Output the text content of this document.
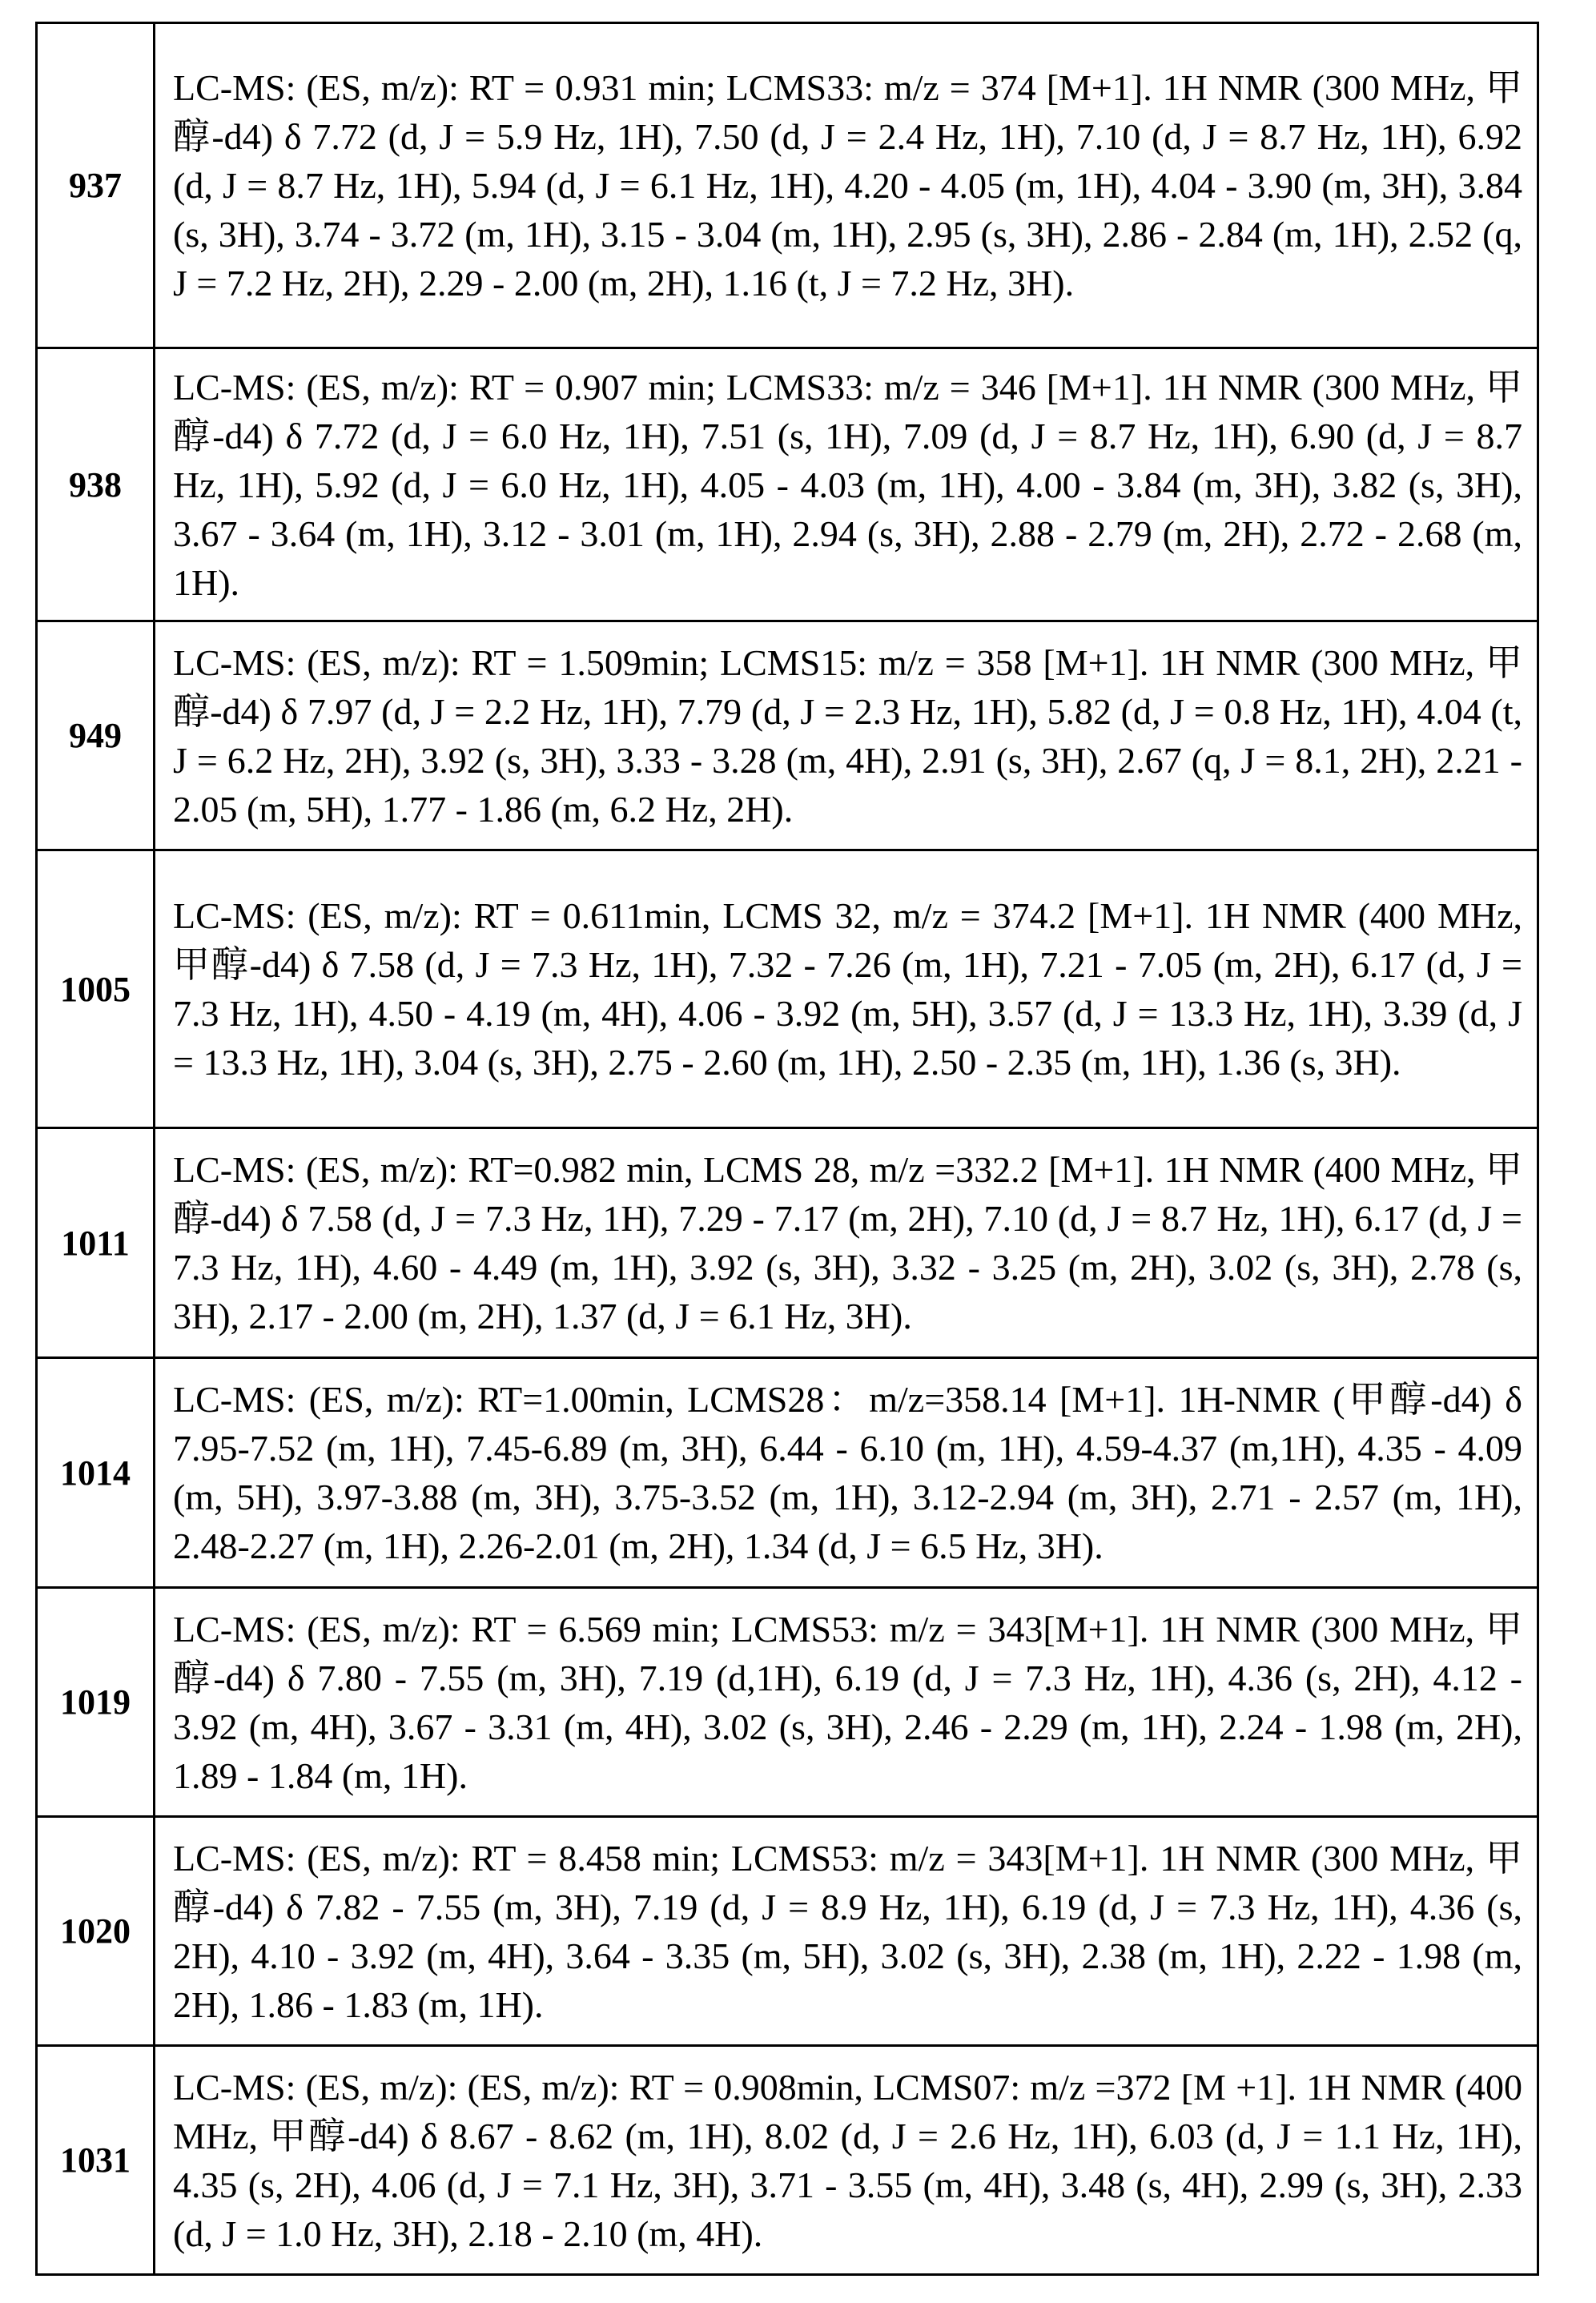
937	LC-MS: (ES, m/z): RT = 0.931 min; LCMS33: m/z = 374 [M+1]. 1H NMR (300 MHz, 甲醇-d4) δ 7.72 (d, J = 5.9 Hz, 1H), 7.50 (d, J = 2.4 Hz, 1H), 7.10 (d, J = 8.7 Hz, 1H), 6.92 (d, J = 8.7 Hz, 1H), 5.94 (d, J = 6.1 Hz, 1H), 4.20 - 4.05 (m, 1H), 4.04 - 3.90 (m, 3H), 3.84 (s, 3H), 3.74 - 3.72 (m, 1H), 3.15 - 3.04 (m, 1H), 2.95 (s, 3H), 2.86 - 2.84 (m, 1H), 2.52 (q, J = 7.2 Hz, 2H), 2.29 - 2.00 (m, 2H), 1.16 (t, J = 7.2 Hz, 3H).
938	LC-MS: (ES, m/z): RT = 0.907 min; LCMS33: m/z = 346 [M+1]. 1H NMR (300 MHz, 甲醇-d4) δ 7.72 (d, J = 6.0 Hz, 1H), 7.51 (s, 1H), 7.09 (d, J = 8.7 Hz, 1H), 6.90 (d, J = 8.7 Hz, 1H), 5.92 (d, J = 6.0 Hz, 1H), 4.05 - 4.03 (m, 1H), 4.00 - 3.84 (m, 3H), 3.82 (s, 3H), 3.67 - 3.64 (m, 1H), 3.12 - 3.01 (m, 1H), 2.94 (s, 3H), 2.88 - 2.79 (m, 2H), 2.72 - 2.68 (m, 1H).
949	LC-MS: (ES, m/z): RT = 1.509min; LCMS15: m/z = 358 [M+1]. 1H NMR (300 MHz, 甲醇-d4) δ 7.97 (d, J = 2.2 Hz, 1H), 7.79 (d, J = 2.3 Hz, 1H), 5.82 (d, J = 0.8 Hz, 1H), 4.04 (t, J = 6.2 Hz, 2H), 3.92 (s, 3H), 3.33 - 3.28 (m, 4H), 2.91 (s, 3H), 2.67 (q, J = 8.1, 2H), 2.21 - 2.05 (m, 5H), 1.77 - 1.86 (m, 6.2 Hz, 2H).
1005	LC-MS: (ES, m/z): RT = 0.611min, LCMS 32, m/z = 374.2 [M+1]. 1H NMR (400 MHz, 甲醇-d4) δ 7.58 (d, J = 7.3 Hz, 1H), 7.32 - 7.26 (m, 1H), 7.21 - 7.05 (m, 2H), 6.17 (d, J = 7.3 Hz, 1H), 4.50 - 4.19 (m, 4H), 4.06 - 3.92 (m, 5H), 3.57 (d, J = 13.3 Hz, 1H), 3.39 (d, J = 13.3 Hz, 1H), 3.04 (s, 3H), 2.75 - 2.60 (m, 1H), 2.50 - 2.35 (m, 1H), 1.36 (s, 3H).
1011	LC-MS: (ES, m/z): RT=0.982 min, LCMS 28, m/z =332.2 [M+1]. 1H NMR (400 MHz, 甲醇-d4) δ 7.58 (d, J = 7.3 Hz, 1H), 7.29 - 7.17 (m, 2H), 7.10 (d, J = 8.7 Hz, 1H), 6.17 (d, J = 7.3 Hz, 1H), 4.60 - 4.49 (m, 1H), 3.92 (s, 3H), 3.32 - 3.25 (m, 2H), 3.02 (s, 3H), 2.78 (s, 3H), 2.17 - 2.00 (m, 2H), 1.37 (d, J = 6.1 Hz, 3H).
1014	LC-MS: (ES, m/z): RT=1.00min, LCMS28：m/z=358.14 [M+1]. 1H-NMR (甲醇-d4) δ 7.95-7.52 (m, 1H), 7.45-6.89 (m, 3H), 6.44 - 6.10 (m, 1H), 4.59-4.37 (m,1H), 4.35 - 4.09 (m, 5H), 3.97-3.88 (m, 3H), 3.75-3.52 (m, 1H), 3.12-2.94 (m, 3H), 2.71 - 2.57 (m, 1H), 2.48-2.27 (m, 1H), 2.26-2.01 (m, 2H), 1.34 (d, J = 6.5 Hz, 3H).
1019	LC-MS: (ES, m/z): RT = 6.569 min; LCMS53: m/z = 343[M+1]. 1H NMR (300 MHz, 甲醇-d4) δ 7.80 - 7.55 (m, 3H), 7.19 (d,1H), 6.19 (d, J = 7.3 Hz, 1H), 4.36 (s, 2H), 4.12 - 3.92 (m, 4H), 3.67 - 3.31 (m, 4H), 3.02 (s, 3H), 2.46 - 2.29 (m, 1H), 2.24 - 1.98 (m, 2H), 1.89 - 1.84 (m, 1H).
1020	LC-MS: (ES, m/z): RT = 8.458 min; LCMS53: m/z = 343[M+1]. 1H NMR (300 MHz, 甲醇-d4) δ 7.82 - 7.55 (m, 3H), 7.19 (d, J = 8.9 Hz, 1H), 6.19 (d, J = 7.3 Hz, 1H), 4.36 (s, 2H), 4.10 - 3.92 (m, 4H), 3.64 - 3.35 (m, 5H), 3.02 (s, 3H), 2.38 (m, 1H), 2.22 - 1.98 (m, 2H), 1.86 - 1.83 (m, 1H).
1031	LC-MS: (ES, m/z): (ES, m/z): RT = 0.908min, LCMS07: m/z =372 [M +1]. 1H NMR (400 MHz, 甲醇-d4) δ 8.67 - 8.62 (m, 1H), 8.02 (d, J = 2.6 Hz, 1H), 6.03 (d, J = 1.1 Hz, 1H), 4.35 (s, 2H), 4.06 (d, J = 7.1 Hz, 3H), 3.71 - 3.55 (m, 4H), 3.48 (s, 4H), 2.99 (s, 3H), 2.33 (d, J = 1.0 Hz, 3H), 2.18 - 2.10 (m, 4H).
